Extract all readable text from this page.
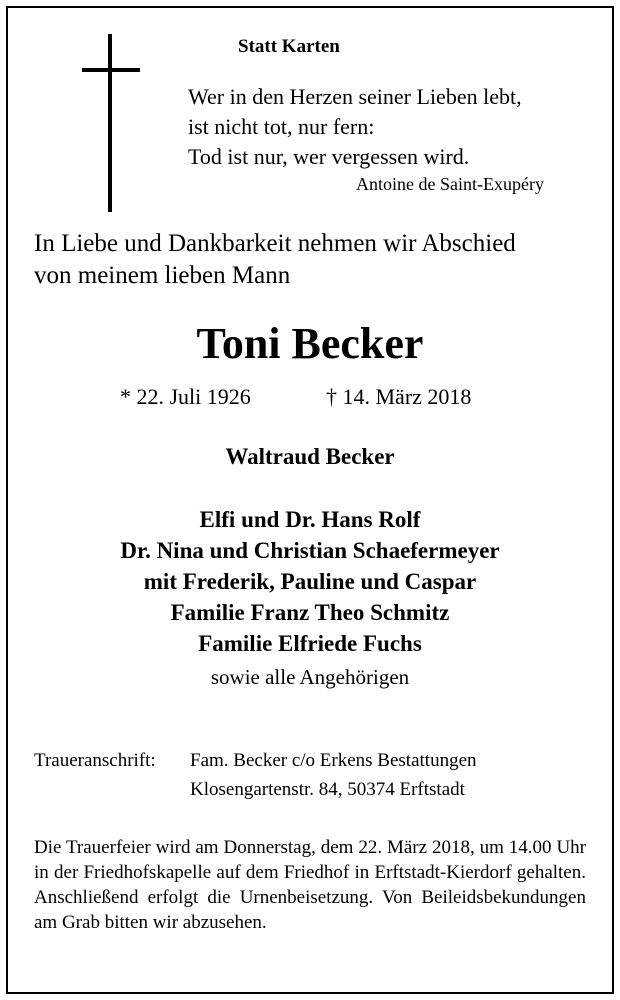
Statt Karten

Wer in den Herzen seiner Lieben lebt,
ist nicht tot, nur fern:
Tod ist nur, wer vergessen wird.

Antoine de Saint-Exupéry

In Liebe und Dankbarkeit nehmen wir Abschied
von meinem lieben Mann

Toni Becker

* 22. Juli 1926	† 14. März 2018

Waltraud Becker

Elfi und Dr. Hans Rolf
Dr. Nina und Christian Schaefermeyer
mit Frederik, Pauline und Caspar
Familie Franz Theo Schmitz
Familie Elfriede Fuchs

sowie alle Angehörigen

Traueranschrift: Fam. Becker c/o Erkens Bestattungen

Klosengartenstr. 84, 50374 Erftstadt

Die Trauerfeier wird am Donnerstag, dem 22. März 2018, um 14.00 Uhr in der Friedhofskapelle auf dem Friedhof in Erftstadt-Kierdorf gehalten. Anschließend erfolgt die Urnenbeisetzung. Von Beileidsbekundungen am Grab bitten wir abzusehen.
